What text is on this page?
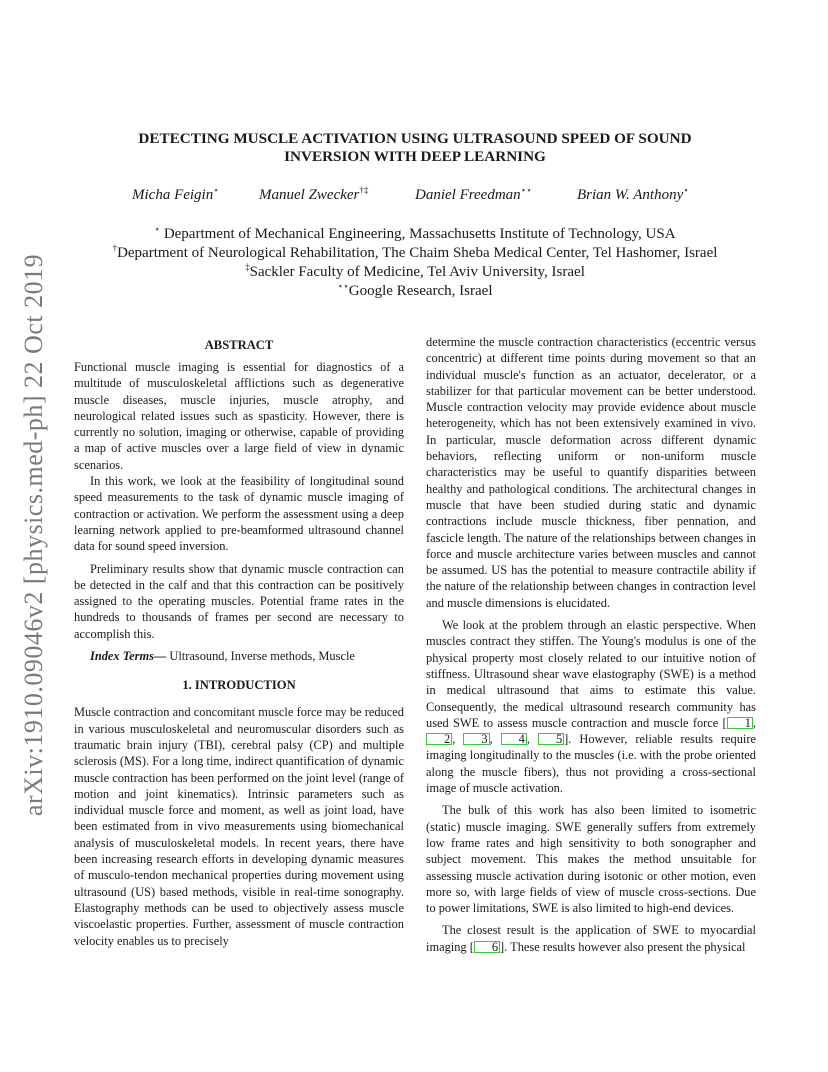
arXiv:1910.09046v2 [physics.med-ph] 22 Oct 2019
DETECTING MUSCLE ACTIVATION USING ULTRASOUND SPEED OF SOUND
INVERSION WITH DEEP LEARNING
Micha Feigin⋆	Manuel Zwecker†‡	Daniel Freedman⋆⋆	Brian W. Anthony⋆
⋆ Department of Mechanical Engineering, Massachusetts Institute of Technology, USA
†Department of Neurological Rehabilitation, The Chaim Sheba Medical Center, Tel Hashomer, Israel
‡Sackler Faculty of Medicine, Tel Aviv University, Israel
⋆⋆Google Research, Israel
ABSTRACT

Functional muscle imaging is essential for diagnostics of a multitude of musculoskeletal afflictions such as degenerative muscle diseases, muscle injuries, muscle atrophy, and neurological related issues such as spasticity. However, there is currently no solution, imaging or otherwise, capable of providing a map of active muscles over a large field of view in dynamic scenarios.

In this work, we look at the feasibility of longitudinal sound speed measurements to the task of dynamic muscle imaging of contraction or activation. We perform the assessment using a deep learning network applied to pre-beamformed ultrasound channel data for sound speed inversion.

Preliminary results show that dynamic muscle contraction can be detected in the calf and that this contraction can be positively assigned to the operating muscles. Potential frame rates in the hundreds to thousands of frames per second are necessary to accomplish this.

Index Terms— Ultrasound, Inverse methods, Muscle

1. INTRODUCTION

Muscle contraction and concomitant muscle force may be reduced in various musculoskeletal and neuromuscular disorders such as traumatic brain injury (TBI), cerebral palsy (CP) and multiple sclerosis (MS). For a long time, indirect quantification of dynamic muscle contraction has been performed on the joint level (range of motion and joint kinematics). Intrinsic parameters such as individual muscle force and moment, as well as joint load, have been estimated from in vivo measurements using biomechanical analysis of musculoskeletal models. In recent years, there have been increasing research efforts in developing dynamic measures of musculo-tendon mechanical properties during movement using ultrasound (US) based methods, visible in real-time sonography. Elastography methods can be used to objectively assess muscle viscoelastic properties. Further, assessment of muscle contraction velocity enables us to precisely

determine the muscle contraction characteristics (eccentric versus concentric) at different time points during movement so that an individual muscle's function as an actuator, decelerator, or a stabilizer for that particular movement can be better understood. Muscle contraction velocity may provide evidence about muscle heterogeneity, which has not been extensively examined in vivo. In particular, muscle deformation across different dynamic behaviors, reflecting uniform or non-uniform muscle characteristics may be useful to quantify disparities between healthy and pathological conditions. The architectural changes in muscle that have been studied during static and dynamic contractions include muscle thickness, fiber pennation, and fascicle length. The nature of the relationships between changes in force and muscle architecture varies between muscles and cannot be assumed. US has the potential to measure contractile ability if the nature of the relationship between changes in contraction level and muscle dimensions is elucidated.

We look at the problem through an elastic perspective. When muscles contract they stiffen. The Young's modulus is one of the physical property most closely related to our intuitive notion of stiffness. Ultrasound shear wave elastography (SWE) is a method in medical ultrasound that aims to estimate this value. Consequently, the medical ultrasound research community has used SWE to assess muscle contraction and muscle force [ 1 , 2 , 3 , 4 , 5 ]. However, reliable results require imaging longitudinally to the muscles (i.e. with the probe oriented along the muscle fibers), thus not providing a cross-sectional image of muscle activation.

The bulk of this work has also been limited to isometric (static) muscle imaging. SWE generally suffers from extremely low frame rates and high sensitivity to both sonographer and subject movement. This makes the method unsuitable for assessing muscle activation during isotonic or other motion, even more so, with large fields of view of muscle cross-sections. Due to power limitations, SWE is also limited to high-end devices.

The closest result is the application of SWE to myocardial imaging [ 6 ]. These results however also present the physical
